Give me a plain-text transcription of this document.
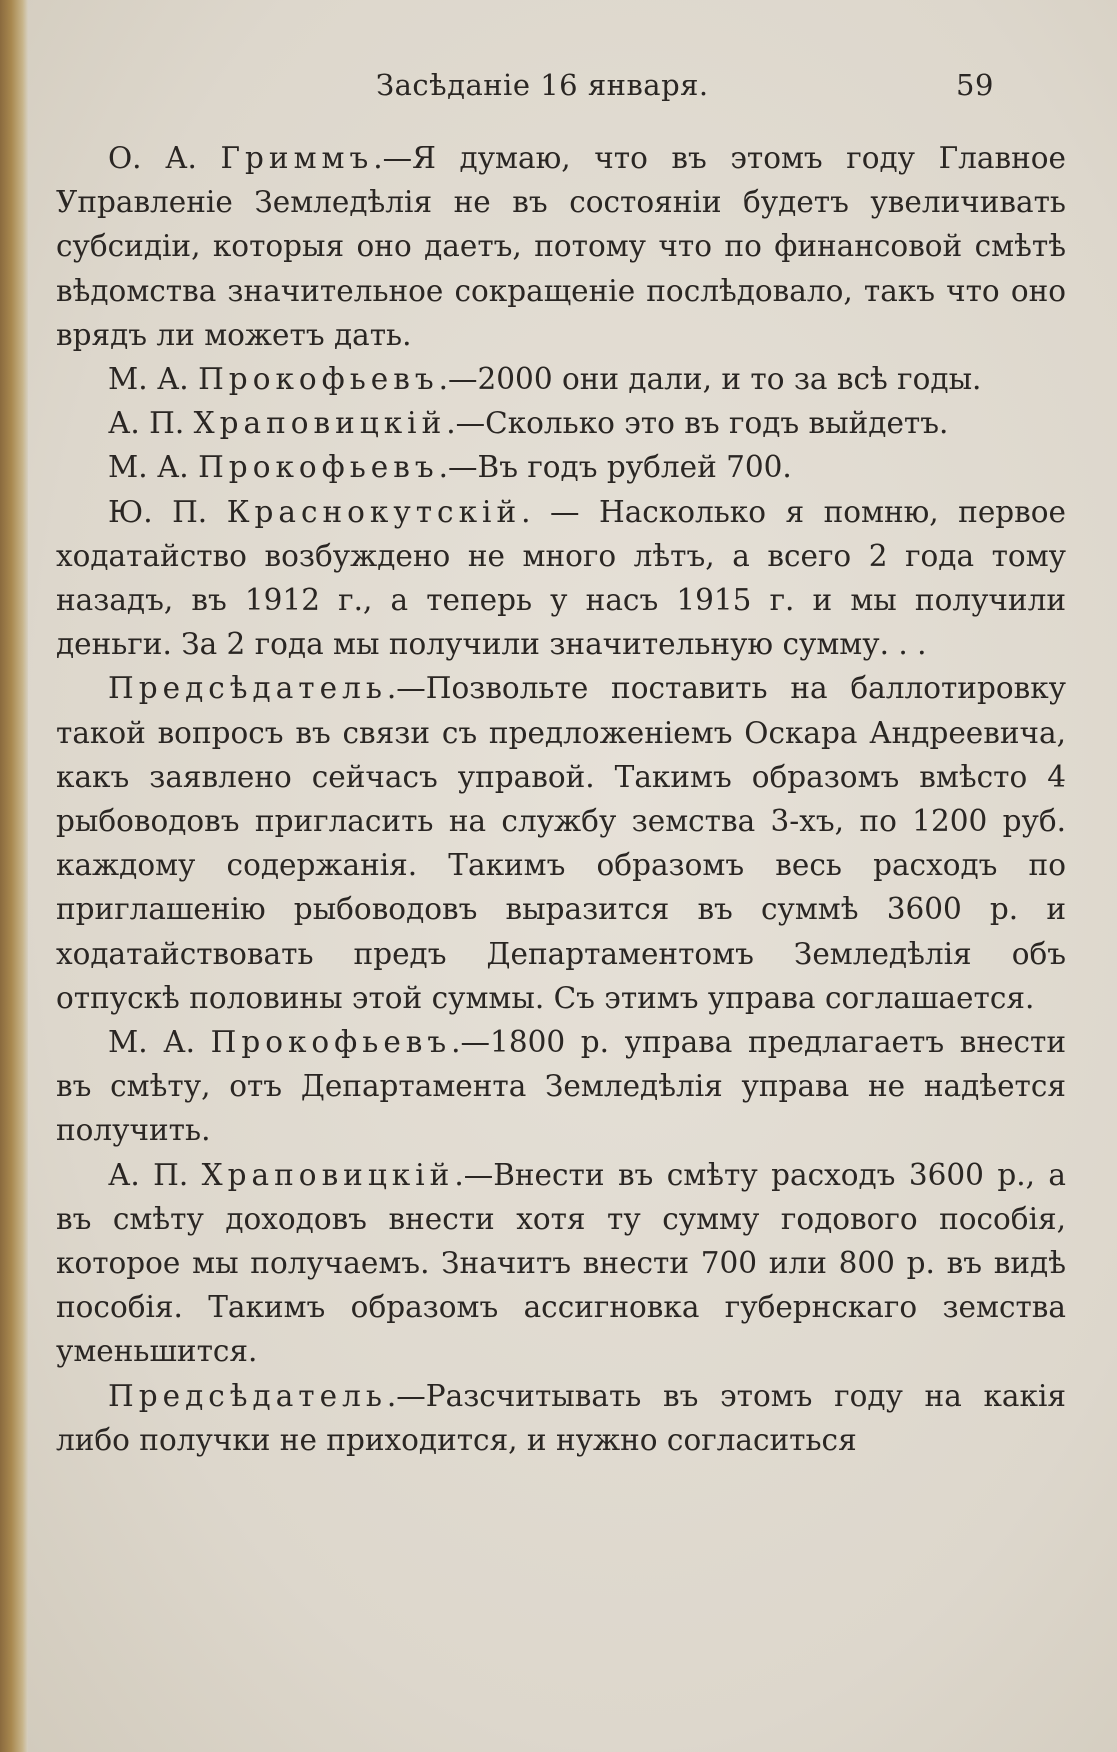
Засѣданіе 16 января.	59

О. А. Гриммъ.—Я думаю, что въ этомъ году Главное Управленіе Земледѣлія не въ состояніи будетъ увеличивать субсидіи, которыя оно даетъ, потому что по финансовой смѣтѣ вѣдомства значительное сокращеніе послѣдовало, такъ что оно врядъ ли можетъ дать.

М. А. Прокофьевъ.—2000 они дали, и то за всѣ годы.

А. П. Храповицкій.—Сколько это въ годъ выйдетъ.

М. А. Прокофьевъ.—Въ годъ рублей 700.

Ю. П. Краснокутскій. — Насколько я помню, первое ходатайство возбуждено не много лѣтъ, а всего 2 года тому назадъ, въ 1912 г., а теперь у насъ 1915 г. и мы получили деньги. За 2 года мы получили значительную сумму. . .

Предсѣдатель.—Позвольте поставить на баллотировку такой вопросъ въ связи съ предложеніемъ Оскара Андреевича, какъ заявлено сейчасъ управой. Такимъ образомъ вмѣсто 4 рыбоводовъ пригласить на службу земства 3-хъ, по 1200 руб. каждому содержанія. Такимъ образомъ весь расходъ по приглашенію рыбоводовъ выразится въ суммѣ 3600 р. и ходатайствовать предъ Департаментомъ Земледѣлія объ отпускѣ половины этой суммы. Съ этимъ управа соглашается.

М. А. Прокофьевъ.—1800 р. управа предлагаетъ внести въ смѣту, отъ Департамента Земледѣлія управа не надѣется получить.

А. П. Храповицкій.—Внести въ смѣту расходъ 3600 р., а въ смѣту доходовъ внести хотя ту сумму годового пособія, которое мы получаемъ. Значитъ внести 700 или 800 р. въ видѣ пособія. Такимъ образомъ ассигновка губернскаго земства уменьшится.

Предсѣдатель.—Разсчитывать въ этомъ году на какія либо получки не приходится, и нужно согласиться
